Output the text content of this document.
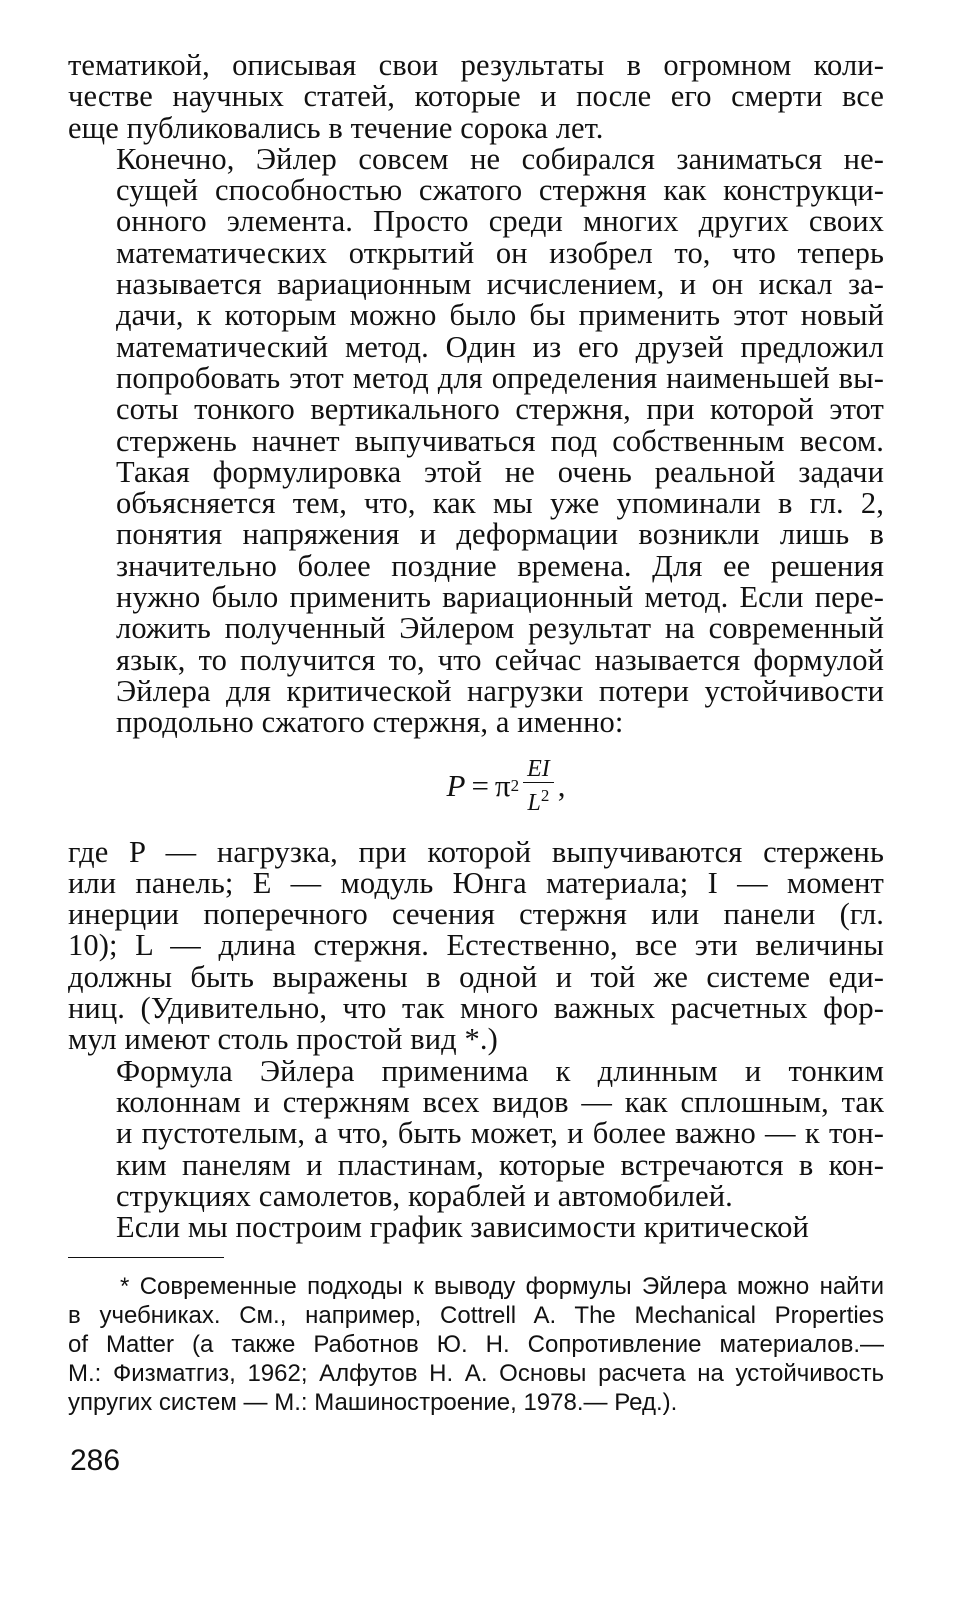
тематикой, описывая свои результаты в огромном коли-
честве научных статей, которые и после его смерти все
еще публиковались в течение сорока лет.

Конечно, Эйлер совсем не собирался заниматься не-
сущей способностью сжатого стержня как конструкци-
онного элемента. Просто среди многих других своих
математических открытий он изобрел то, что теперь
называется вариационным исчислением, и он искал за-
дачи, к которым можно было бы применить этот новый
математический метод. Один из его друзей предложил
попробовать этот метод для определения наименьшей вы-
соты тонкого вертикального стержня, при которой этот
стержень начнет выпучиваться под собственным весом.
Такая формулировка этой не очень реальной задачи
объясняется тем, что, как мы уже упоминали в гл. 2,
понятия напряжения и деформации возникли лишь в
значительно более поздние времена. Для ее решения
нужно было применить вариационный метод. Если пере-
ложить полученный Эйлером результат на современный
язык, то получится то, что сейчас называется формулой
Эйлера для критической нагрузки потери устойчивости
продольно сжатого стержня, а именно:

P = π $2 \frac{EI}{L^2}$ ,

где P — нагрузка, при которой выпучиваются стержень
или панель; E — модуль Юнга материала; I — момент
инерции поперечного сечения стержня или панели (гл.
10); L — длина стержня. Естественно, все эти величины
должны быть выражены в одной и той же системе еди-
ниц. (Удивительно, что так много важных расчетных фор-
мул имеют столь простой вид *.)

Формула Эйлера применима к длинным и тонким
колоннам и стержням всех видов — как сплошным, так
и пустотелым, а что, быть может, и более важно — к тон-
ким панелям и пластинам, которые встречаются в кон-
струкциях самолетов, кораблей и автомобилей.

Если мы построим график зависимости критической

* Современные подходы к выводу формулы Эйлера можно найти
в учебниках. См., например, Cottrell A. The Mechanical Properties
of Matter (а также Работнов Ю. Н. Сопротивление материалов.—
М.: Физматгиз, 1962; Алфутов Н. А. Основы расчета на устойчивость
упругих систем — М.: Машиностроение, 1978.— Ред.).
286
